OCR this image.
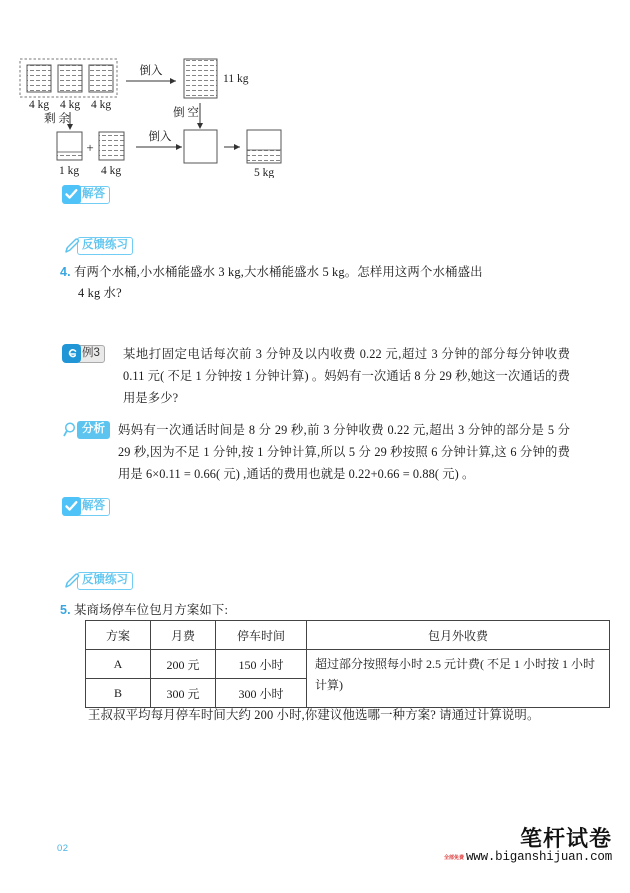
4 kg 4 kg 4 kg
倒入
11 kg
倒 空
剩 余
1 kg
+
4 kg
倒入
5 kg
解答
反馈练习
4. 有两个水桶,小水桶能盛水 3 kg,大水桶能盛水 5 kg。怎样用这两个水桶盛出
4 kg 水?
例3	某地打固定电话每次前 3 分钟及以内收费 0.22 元,超过 3 分钟的部分每分钟收费 0.11 元( 不足 1 分钟按 1 分钟计算) 。妈妈有一次通话 8 分 29 秒,她这一次通话的费用是多少?
分析	妈妈有一次通话时间是 8 分 29 秒,前 3 分钟收费 0.22 元,超出 3 分钟的部分是 5 分 29 秒,因为不足 1 分钟,按 1 分钟计算,所以 5 分 29 秒按照 6 分钟计算,这 6 分钟的费用是 6×0.11 = 0.66( 元) ,通话的费用也就是 0.22+0.66 = 0.88( 元) 。
解答
反馈练习
5. 某商场停车位包月方案如下:
方案	月费	停车时间	包月外收费
A	200 元	150 小时	超过部分按照每小时 2.5 元计费( 不足 1 小时按 1 小时计算)
B	300 元	300 小时	
王叔叔平均每月停车时间大约 200 小时,你建议他选哪一种方案? 请通过计算说明。
02	笔杆试卷
全部免费 www.biganshijuan.com
